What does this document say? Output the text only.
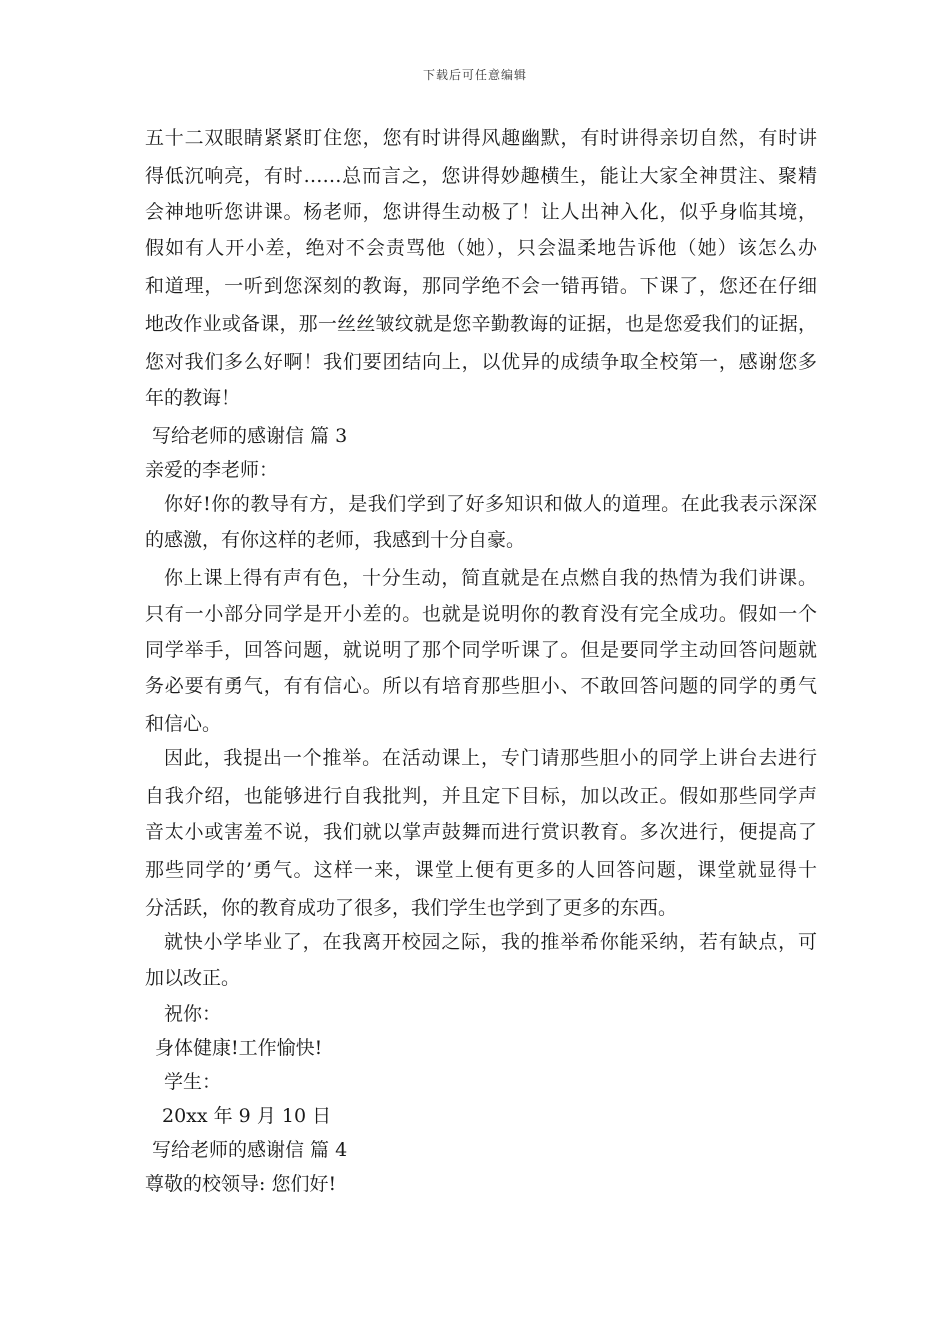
下载后可任意编辑
五十二双眼睛紧紧盯住您，您有时讲得风趣幽默，有时讲得亲切自然，有时讲
得低沉响亮，有时……总而言之，您讲得妙趣横生，能让大家全神贯注、聚精
会神地听您讲课。杨老师，您讲得生动极了！让人出神入化，似乎身临其境，
假如有人开小差，绝对不会责骂他（她），只会温柔地告诉他（她）该怎么办
和道理，一听到您深刻的教诲，那同学绝不会一错再错。下课了，您还在仔细
地改作业或备课，那一丝丝皱纹就是您辛勤教诲的证据，也是您爱我们的证据，
您对我们多么好啊！我们要团结向上，以优异的成绩争取全校第一，感谢您多
年的教诲！
写给老师的感谢信 篇 3
亲爱的李老师：
你好!你的教导有方，是我们学到了好多知识和做人的道理。在此我表示深深
的感激，有你这样的老师，我感到十分自豪。
你上课上得有声有色，十分生动，简直就是在点燃自我的热情为我们讲课。
只有一小部分同学是开小差的。也就是说明你的教育没有完全成功。假如一个
同学举手，回答问题，就说明了那个同学听课了。但是要同学主动回答问题就
务必要有勇气，有有信心。所以有培育那些胆小、不敢回答问题的同学的勇气
和信心。
因此，我提出一个推举。在活动课上，专门请那些胆小的同学上讲台去进行
自我介绍，也能够进行自我批判，并且定下目标，加以改正。假如那些同学声
音太小或害羞不说，我们就以掌声鼓舞而进行赏识教育。多次进行，便提高了
那些同学的’勇气。这样一来，课堂上便有更多的人回答问题，课堂就显得十
分活跃，你的教育成功了很多，我们学生也学到了更多的东西。
就快小学毕业了，在我离开校园之际，我的推举希你能采纳，若有缺点，可
加以改正。
祝你：
身体健康!工作愉快!
学生：
20xx 年 9 月 10 日
写给老师的感谢信 篇 4
尊敬的校领导: 您们好!
